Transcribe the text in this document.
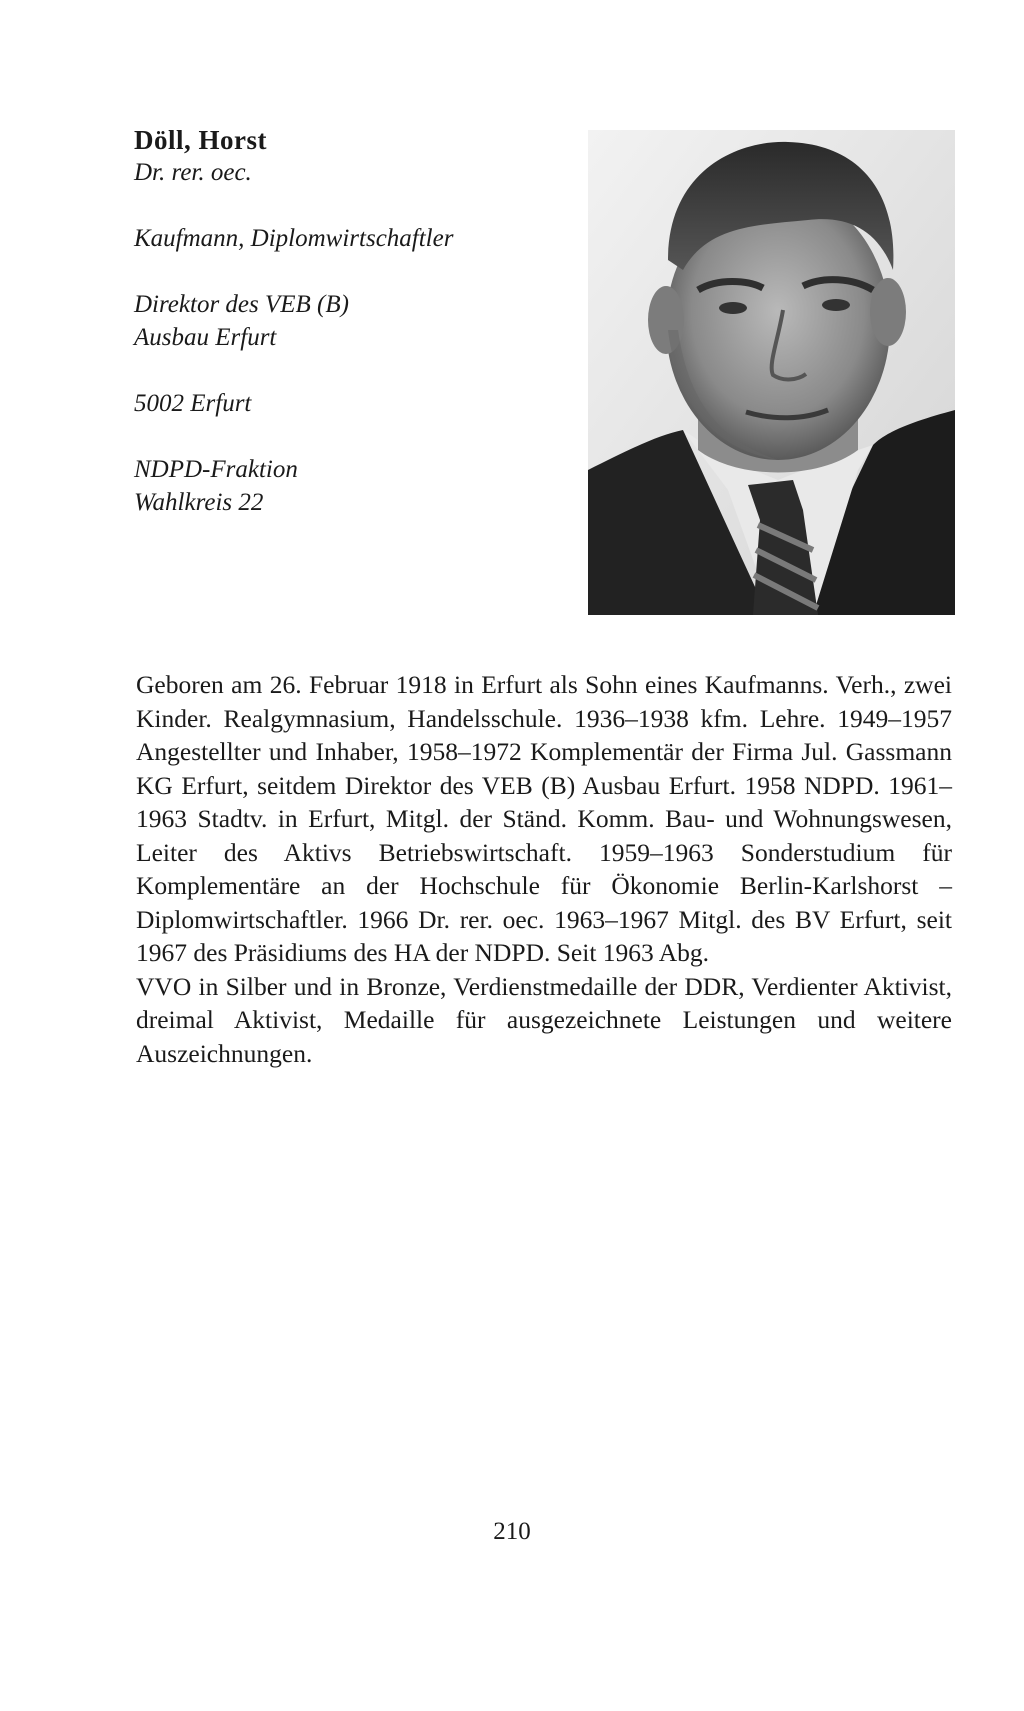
Döll, Horst

Dr. rer. oec.

Kaufmann, Diplomwirtschaftler

Direktor des VEB (B)

Ausbau Erfurt

5002 Erfurt

NDPD-Fraktion

Wahlkreis 22

Geboren am 26. Februar 1918 in Erfurt als Sohn eines Kaufmanns. Verh., zwei Kinder. Realgymnasium, Handelsschule. 1936–1938 kfm. Lehre. 1949–1957 Angestellter und Inhaber, 1958–1972 Komplementär der Firma Jul. Gassmann KG Erfurt, seitdem Direktor des VEB (B) Ausbau Erfurt. 1958 NDPD. 1961–1963 Stadtv. in Erfurt, Mitgl. der Ständ. Komm. Bau- und Wohnungswesen, Leiter des Aktivs Betriebswirtschaft. 1959–1963 Sonderstudium für Komplementäre an der Hochschule für Ökonomie Berlin-Karlshorst – Diplomwirtschaftler. 1966 Dr. rer. oec. 1963–1967 Mitgl. des BV Erfurt, seit 1967 des Präsidiums des HA der NDPD. Seit 1963 Abg.

VVO in Silber und in Bronze, Verdienstmedaille der DDR, Verdienter Aktivist, dreimal Aktivist, Medaille für ausgezeichnete Leistungen und weitere Auszeichnungen.

210
